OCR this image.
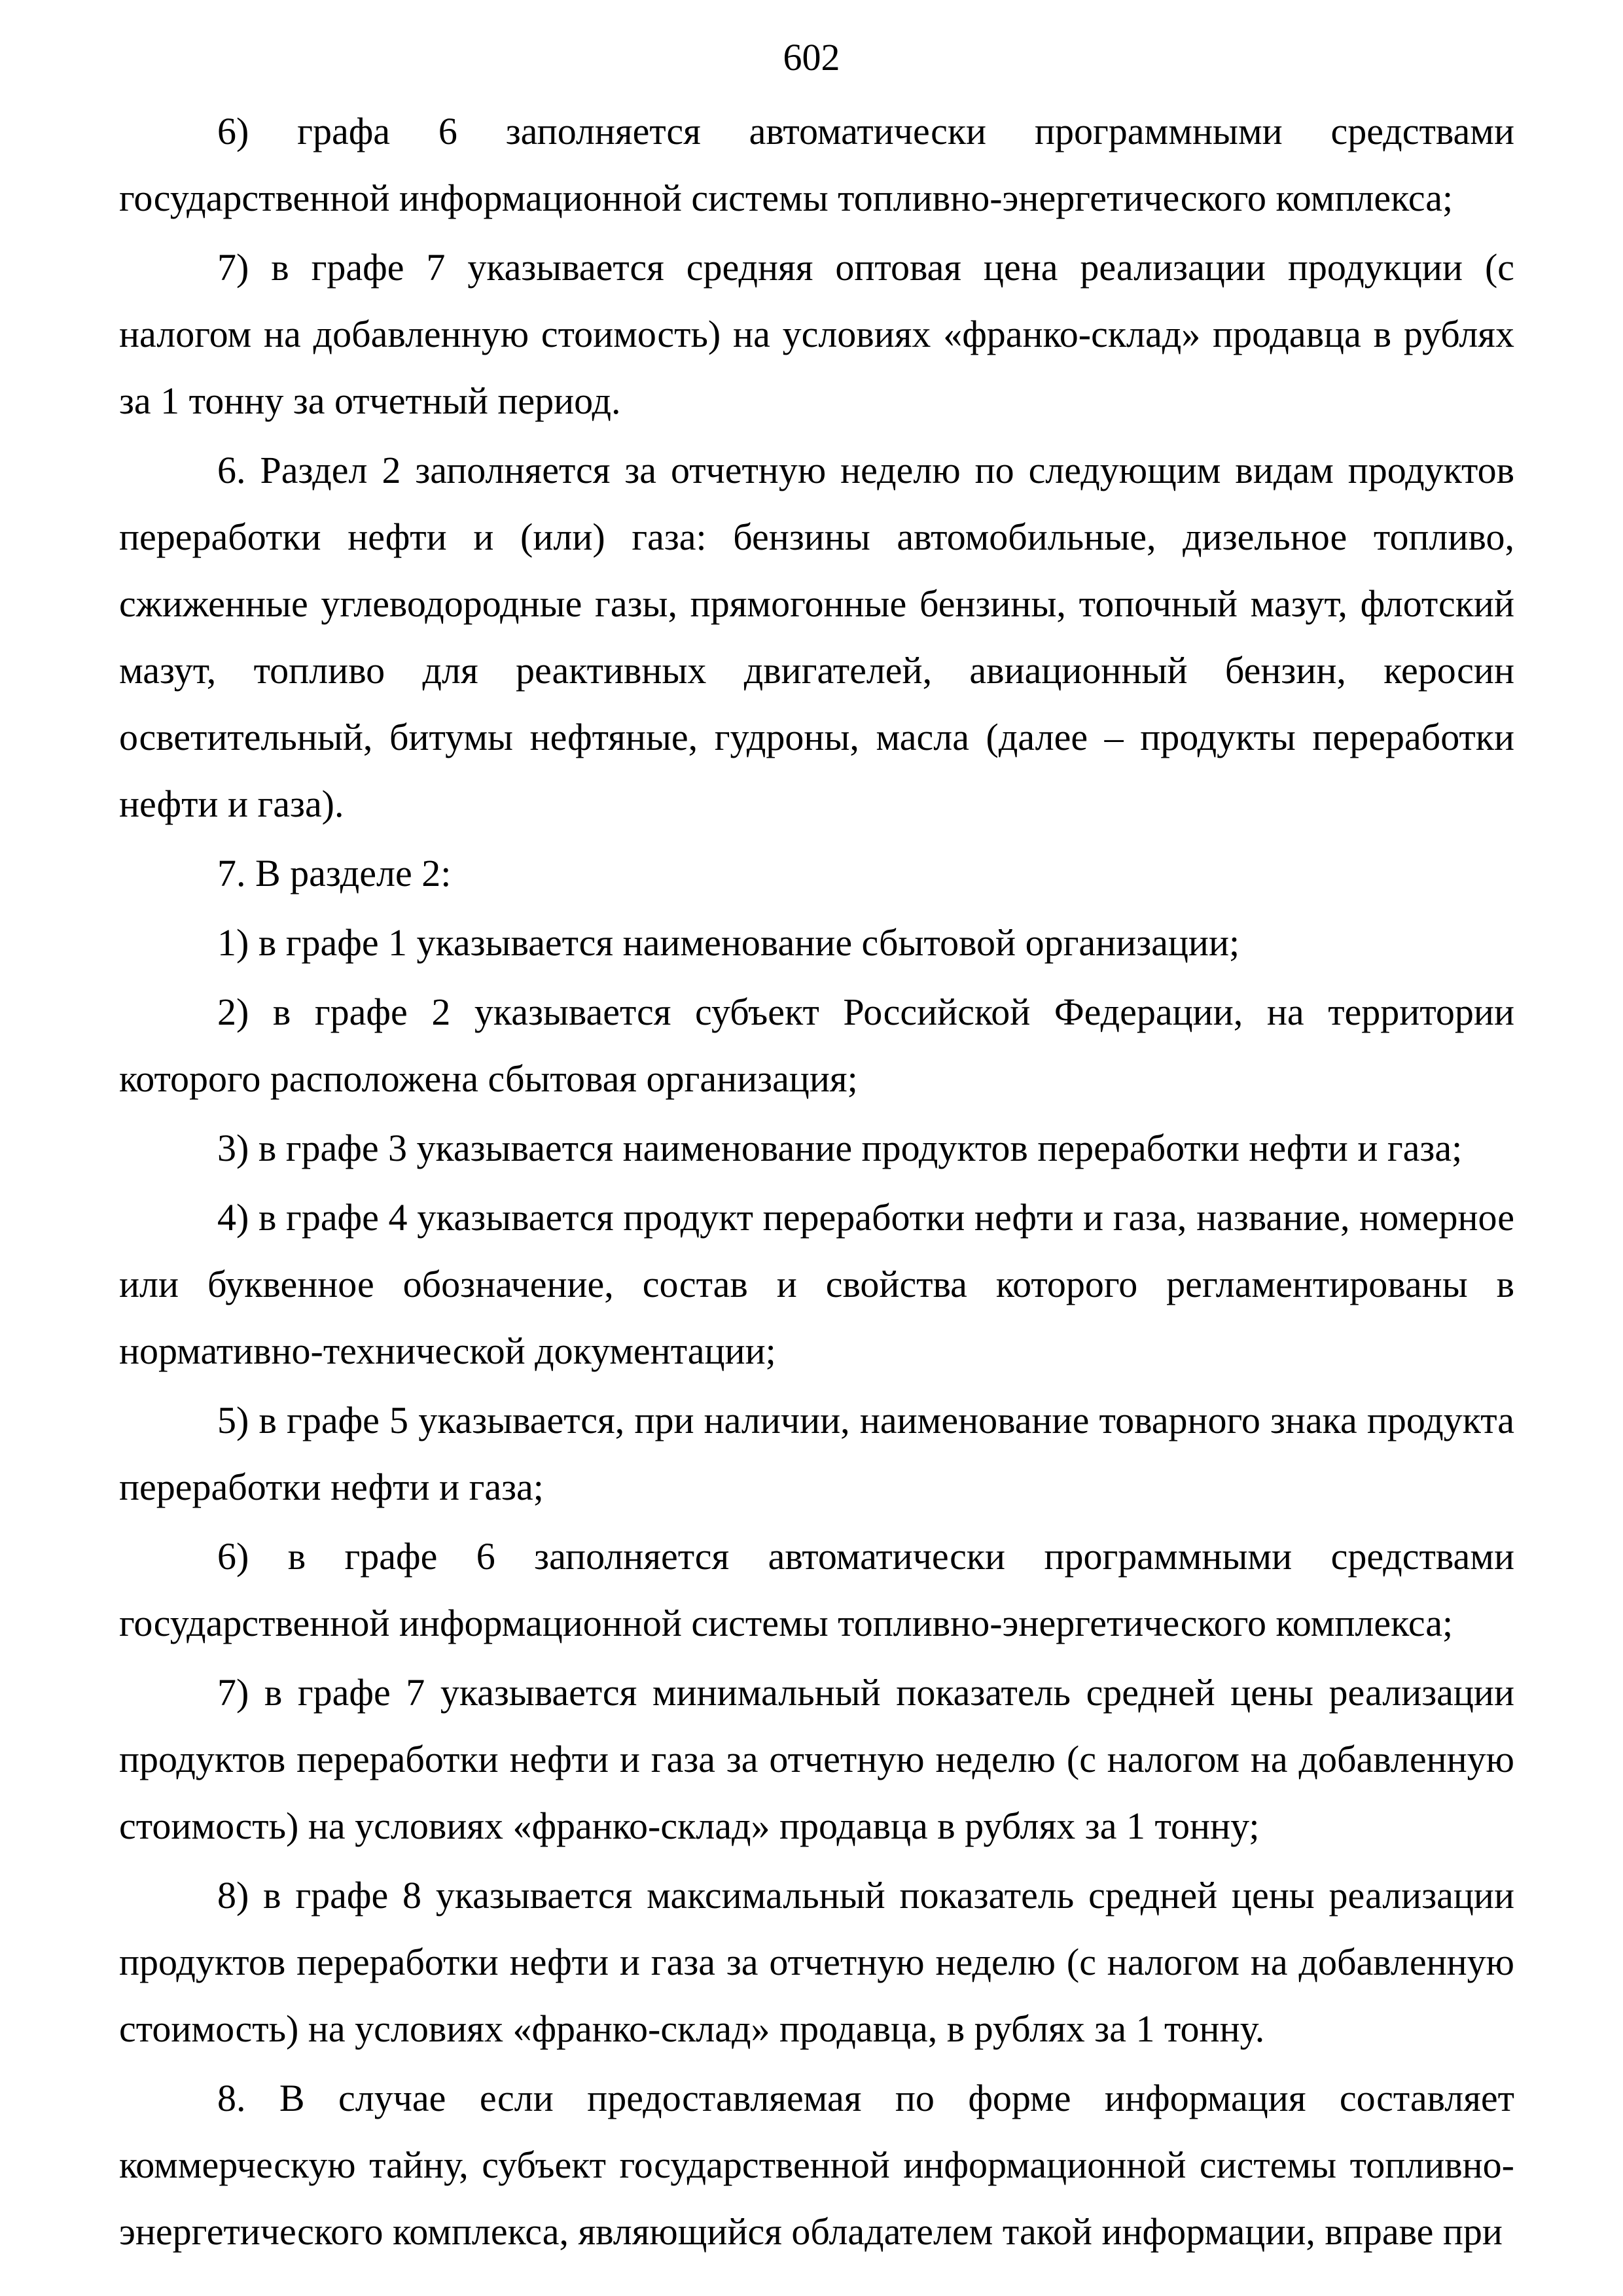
602

6) графа 6 заполняется автоматически программными средствами государственной информационной системы топливно-энергетического комплекса;

7) в графе 7 указывается средняя оптовая цена реализации продукции (с налогом на добавленную стоимость) на условиях «франко-склад» продавца в рублях за 1 тонну за отчетный период.

6. Раздел 2 заполняется за отчетную неделю по следующим видам продуктов переработки нефти и (или) газа: бензины автомобильные, дизельное топливо, сжиженные углеводородные газы, прямогонные бензины, топочный мазут, флотский мазут, топливо для реактивных двигателей, авиационный бензин, керосин осветительный, битумы нефтяные, гудроны, масла (далее – продукты переработки нефти и газа).

7. В разделе 2:

1) в графе 1 указывается наименование сбытовой организации;

2) в графе 2 указывается субъект Российской Федерации, на территории которого расположена сбытовая организация;

3) в графе 3 указывается наименование продуктов переработки нефти и газа;

4) в графе 4 указывается продукт переработки нефти и газа, название, номерное или буквенное обозначение, состав и свойства которого регламентированы в нормативно-технической документации;

5) в графе 5 указывается, при наличии, наименование товарного знака продукта переработки нефти и газа;

6) в графе 6 заполняется автоматически программными средствами государственной информационной системы топливно-энергетического комплекса;

7) в графе 7 указывается минимальный показатель средней цены реализации продуктов переработки нефти и газа за отчетную неделю (с налогом на добавленную стоимость) на условиях «франко-склад» продавца в рублях за 1 тонну;

8) в графе 8 указывается максимальный показатель средней цены реализации продуктов переработки нефти и газа за отчетную неделю (с налогом на добавленную стоимость) на условиях «франко-склад» продавца, в рублях за 1 тонну.

8. В случае если предоставляемая по форме информация составляет коммерческую тайну, субъект государственной информационной системы топливно-энергетического комплекса, являющийся обладателем такой информации, вправе при
